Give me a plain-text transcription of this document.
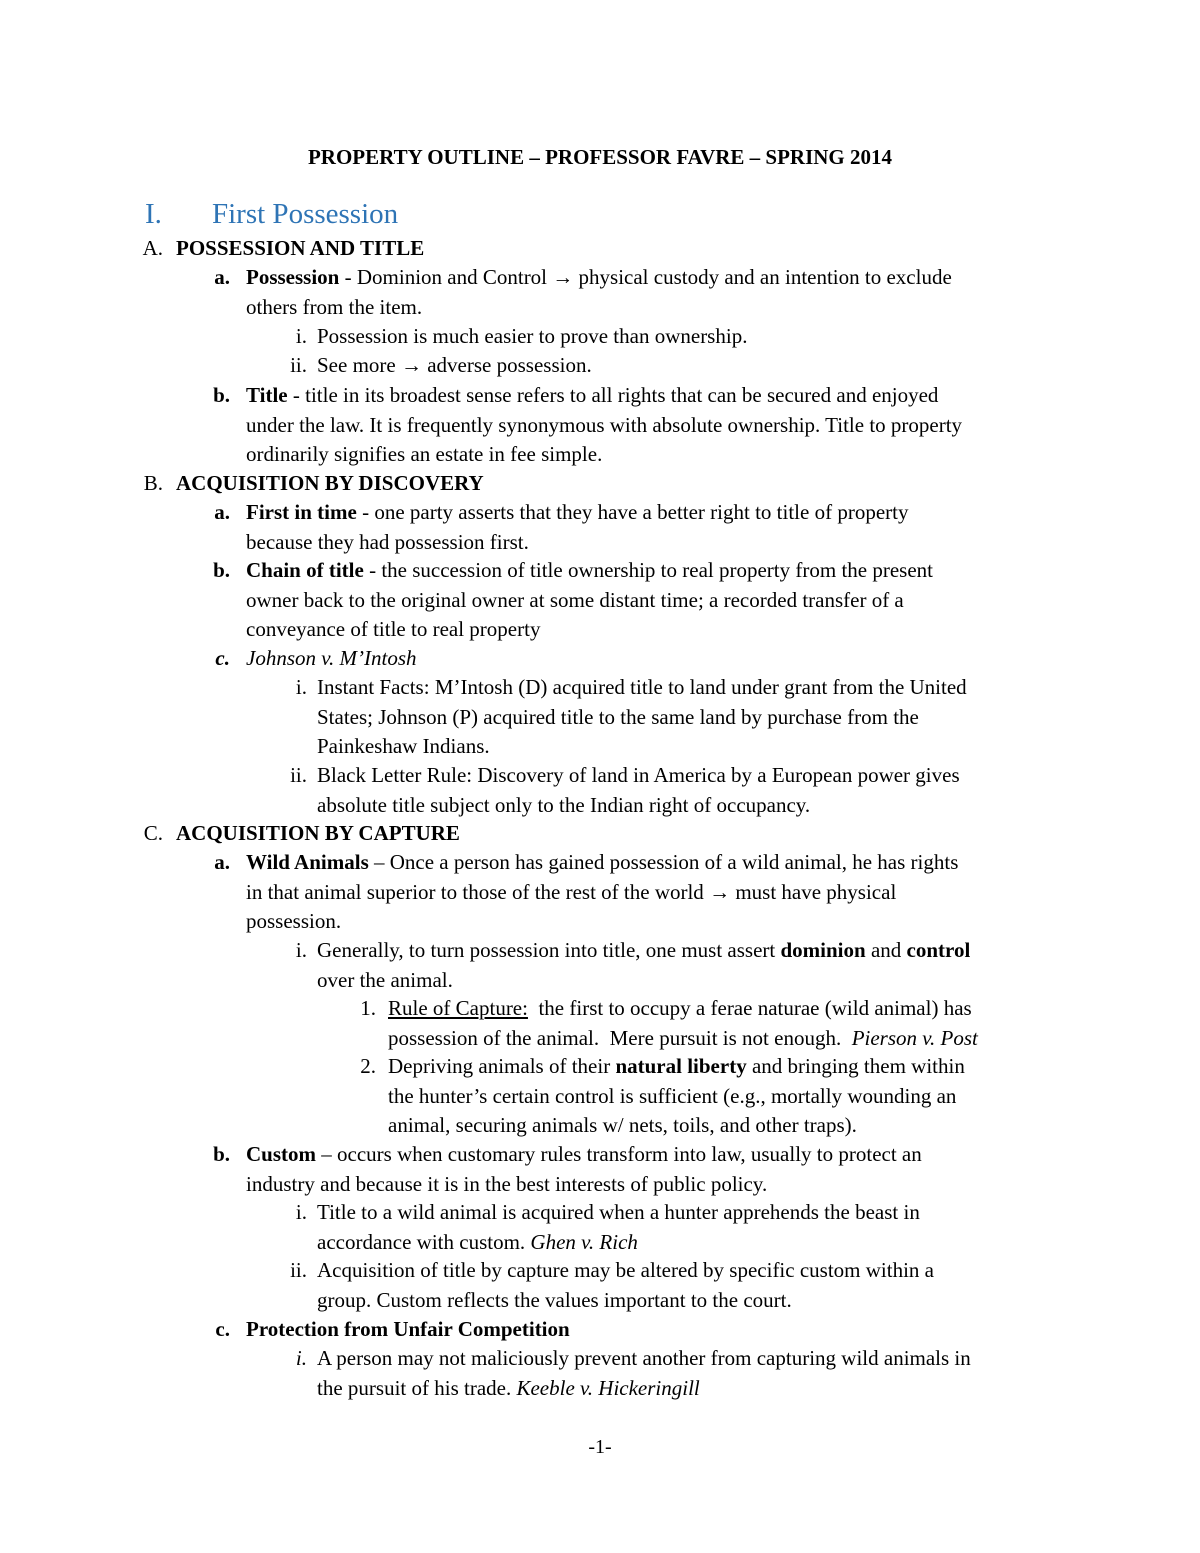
PROPERTY OUTLINE – PROFESSOR FAVRE – SPRING 2014
I. First Possession
A. POSSESSION AND TITLE
a. Possession - Dominion and Control → physical custody and an intention to exclude
others from the item.
i. Possession is much easier to prove than ownership.
ii. See more → adverse possession.
b. Title - title in its broadest sense refers to all rights that can be secured and enjoyed
under the law. It is frequently synonymous with absolute ownership. Title to property
ordinarily signifies an estate in fee simple.
B. ACQUISITION BY DISCOVERY
a. First in time - one party asserts that they have a better right to title of property
because they had possession first.
b. Chain of title - the succession of title ownership to real property from the present
owner back to the original owner at some distant time; a recorded transfer of a
conveyance of title to real property
c. Johnson v. M’Intosh
i. Instant Facts: M’Intosh (D) acquired title to land under grant from the United
States; Johnson (P) acquired title to the same land by purchase from the
Painkeshaw Indians.
ii. Black Letter Rule: Discovery of land in America by a European power gives
absolute title subject only to the Indian right of occupancy.
C. ACQUISITION BY CAPTURE
a. Wild Animals – Once a person has gained possession of a wild animal, he has rights
in that animal superior to those of the rest of the world → must have physical
possession.
i. Generally, to turn possession into title, one must assert dominion and control
over the animal.
1. Rule of Capture:  the first to occupy a ferae naturae (wild animal) has
possession of the animal.  Mere pursuit is not enough.  Pierson v. Post
2. Depriving animals of their natural liberty and bringing them within
the hunter’s certain control is sufficient (e.g., mortally wounding an
animal, securing animals w/ nets, toils, and other traps).
b. Custom – occurs when customary rules transform into law, usually to protect an
industry and because it is in the best interests of public policy.
i. Title to a wild animal is acquired when a hunter apprehends the beast in
accordance with custom. Ghen v. Rich
ii. Acquisition of title by capture may be altered by specific custom within a
group. Custom reflects the values important to the court.
c. Protection from Unfair Competition
i. A person may not maliciously prevent another from capturing wild animals in
the pursuit of his trade. Keeble v. Hickeringill
-1-
